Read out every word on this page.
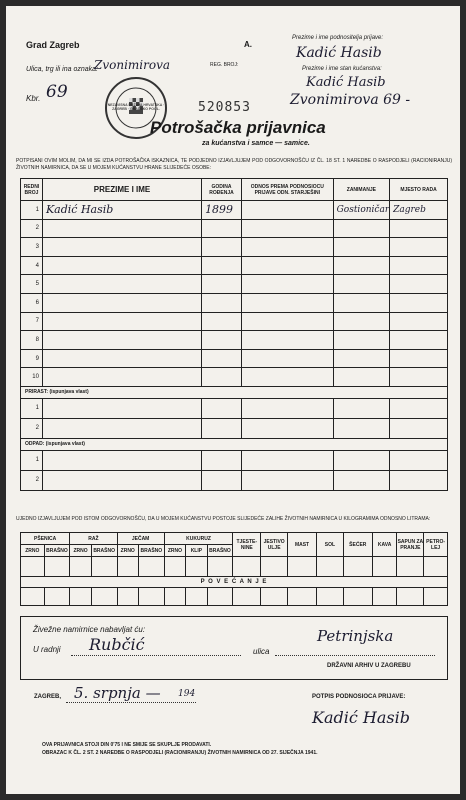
Grad Zagreb	A.
Prezime i ime podnositelja prijave:
Kadić Hasib
Ulica, trg ili ina oznaka:
Zvonimirova	REG. BROJ:
Prezime i ime stan kućanstva:
Kadić Hasib
Kbr. 69
520853	Zvonimirova 69 -
NEZAVISNA DRŽAVA HRVATSKA · ZAGREB · GRADSKO POGL.
Potrošačka prijavnica
za kućanstva i samce — samice.
POTPISANI OVIM MOLIM, DA MI SE IZDA POTROŠAČKA ISKAZNICA, TE PODJEDNO IZJAVLJUJEM POD ODGOVORNOŠĆU IZ ČL. 18 ST. 1 NAREDBE O RASPODJELI (RACIONIRANJU) ŽIVOTNIH NAMIRNICA, DA SE U MOJEM KUĆANSTVU HRANE SLIJEDEĆE OSOBE:
REDNI BROJ	PREZIME I IME	GODINA ROĐENJA	ODNOS PREMA PODNOSIOCU PRIJAVE ODN. STARJEŠINI	ZANIMANJE	MJESTO RADA
1	Kadić Hasib	1899		Gostioničar	Zagreb
2					
3					
4					
5					
6					
7					
8					
9					
10					
PRIRAST: (ispunjava vlast)					
1					
2					
ODPAD: (ispunjava vlast)					
1					
2					
UJEDNO IZJAVLJUJEM POD ISTOM ODGOVORNOŠĆU, DA U MOJEM KUĆANSTVU POSTOJE SLIJEDEĆE ZALIHE ŽIVOTNIH NAMIRNICA U KILOGRAMIMA ODNOSNO LITRAMA:
PŠENICA		RAŽ		JEČAM		KUKURUZ			TJESTE-NINE	JESTIVO ULJE	MAST	SOL	ŠEĆER	KAVA	SAPUN ZA PRANJE	PETRO-LEJ
ZRNO	BRAŠNO	ZRNO	BRAŠNO	ZRNO	BRAŠNO	ZRNO	KLIP	BRAŠNO								

P O V E Ć A N J E																

Živežne namirnice nabavljat ću:
U radnji Rubčić	ulica
Petrinjska
DRŽAVNI ARHIV U ZAGREBU
ZAGREB, 5. srpnja — 194	POTPIS PODNOSIOCA PRIJAVE:
Kadić Hasib
OVA PRIJAVNICA STOJI DIN 0'75 I NE SMIJE SE SKUPLJE PRODAVATI.
OBRAZAC K ČL. 2 ST. 2 NAREDBE O RASPODJELI (RACIONIRANJU) ŽIVOTNIH NAMIRNICA OD 27. SIJEČNJA 1941.
